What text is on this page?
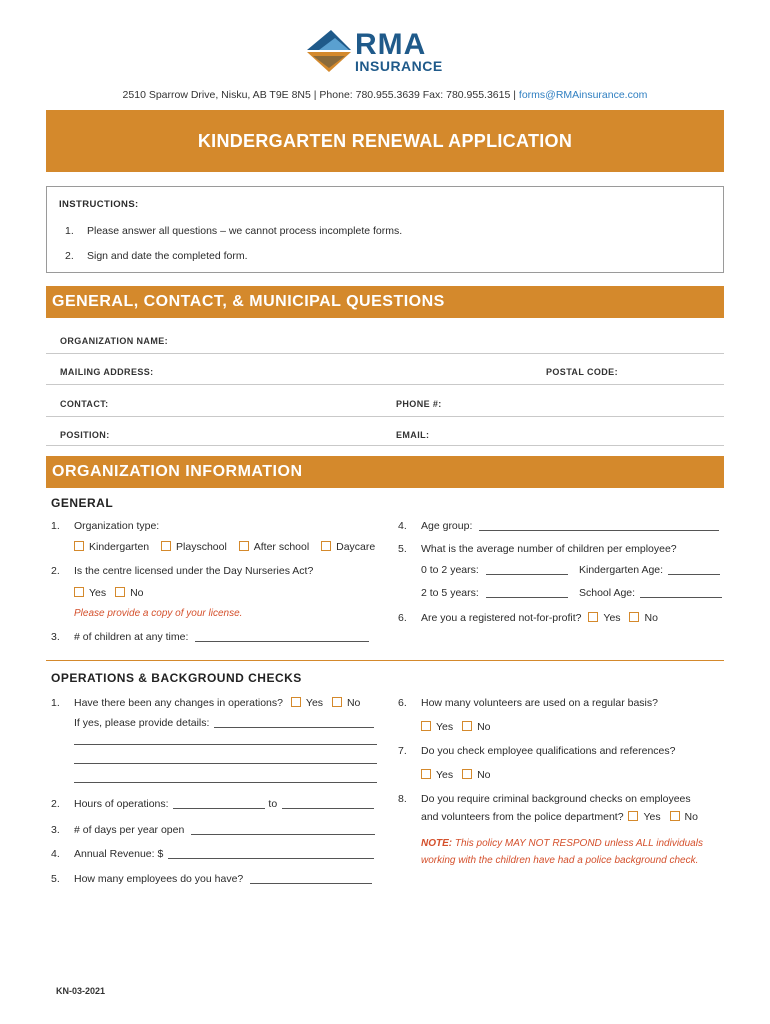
RMA
INSURANCE
2510 Sparrow Drive, Nisku, AB T9E 8N5 | Phone: 780.955.3639 Fax: 780.955.3615 | forms@RMAinsurance.com
KINDERGARTEN RENEWAL APPLICATION
INSTRUCTIONS:
1. Please answer all questions – we cannot process incomplete forms.
2. Sign and date the completed form.
GENERAL, CONTACT, & MUNICIPAL QUESTIONS
ORGANIZATION NAME:
MAILING ADDRESS:	POSTAL CODE:
CONTACT:	PHONE #:
POSITION:	EMAIL:
ORGANIZATION INFORMATION
GENERAL
1. Organization type:
Kindergarten	Playschool	After school	Daycare
2. Is the centre licensed under the Day Nurseries Act?
Yes No
Please provide a copy of your license.
3. # of children at any time:
4. Age group:
5. What is the average number of children per employee?
0 to 2 years:	Kindergarten Age:
2 to 5 years:	School Age:
6. Are you a registered not-for-profit? Yes No
OPERATIONS & BACKGROUND CHECKS
1. Have there been any changes in operations? Yes No
If yes, please provide details:
2. Hours of operations:	to
3. # of days per year open
4. Annual Revenue: $
5. How many employees do you have?
6. How many volunteers are used on a regular basis?
Yes No
7. Do you check employee qualifications and references?
Yes No
8. Do you require criminal background checks on employees
and volunteers from the police department? Yes No
NOTE: This policy MAY NOT RESPOND unless ALL individuals
working with the children have had a police background check.
KN-03-2021
